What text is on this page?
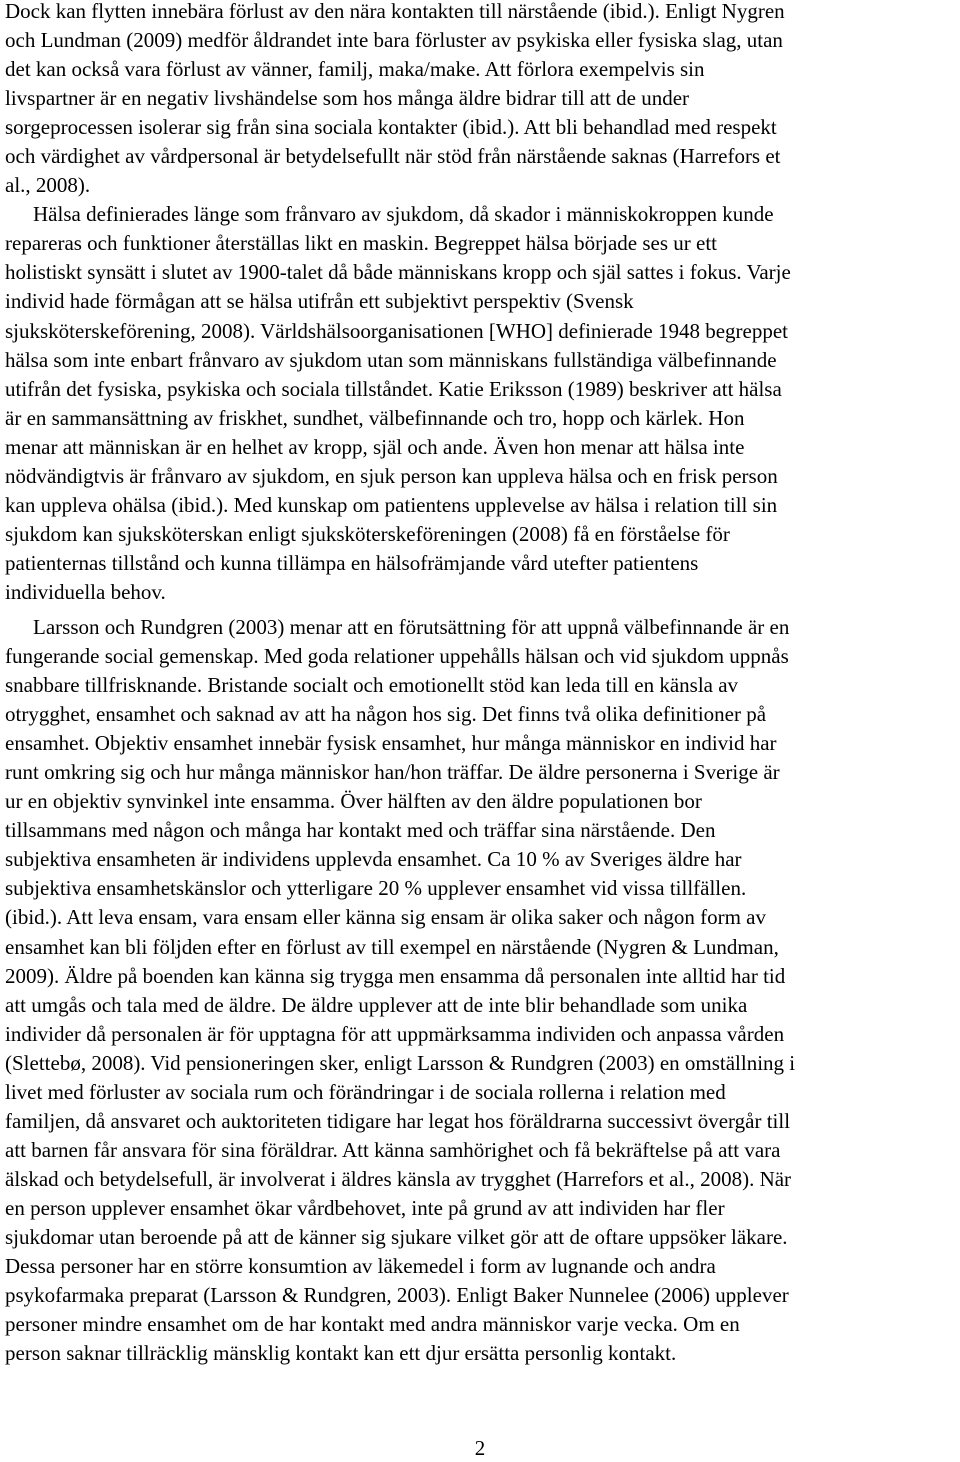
Dock kan flytten innebära förlust av den nära kontakten till närstående (ibid.). Enligt Nygren
och Lundman (2009) medför åldrandet inte bara förluster av psykiska eller fysiska slag, utan
det kan också vara förlust av vänner, familj, maka/make. Att förlora exempelvis sin
livspartner är en negativ livshändelse som hos många äldre bidrar till att de under
sorgeprocessen isolerar sig från sina sociala kontakter (ibid.). Att bli behandlad med respekt
och värdighet av vårdpersonal är betydelsefullt när stöd från närstående saknas (Harrefors et
al., 2008).
Hälsa definierades länge som frånvaro av sjukdom, då skador i människokroppen kunde
repareras och funktioner återställas likt en maskin. Begreppet hälsa började ses ur ett
holistiskt synsätt i slutet av 1900-talet då både människans kropp och själ sattes i fokus. Varje
individ hade förmågan att se hälsa utifrån ett subjektivt perspektiv (Svensk
sjuksköterskeförening, 2008). Världshälsoorganisationen [WHO] definierade 1948 begreppet
hälsa som inte enbart frånvaro av sjukdom utan som människans fullständiga välbefinnande
utifrån det fysiska, psykiska och sociala tillståndet. Katie Eriksson (1989) beskriver att hälsa
är en sammansättning av friskhet, sundhet, välbefinnande och tro, hopp och kärlek. Hon
menar att människan är en helhet av kropp, själ och ande. Även hon menar att hälsa inte
nödvändigtvis är frånvaro av sjukdom, en sjuk person kan uppleva hälsa och en frisk person
kan uppleva ohälsa (ibid.). Med kunskap om patientens upplevelse av hälsa i relation till sin
sjukdom kan sjuksköterskan enligt sjuksköterskeföreningen (2008) få en förståelse för
patienternas tillstånd och kunna tillämpa en hälsofrämjande vård utefter patientens
individuella behov.
Larsson och Rundgren (2003) menar att en förutsättning för att uppnå välbefinnande är en
fungerande social gemenskap. Med goda relationer uppehålls hälsan och vid sjukdom uppnås
snabbare tillfrisknande. Bristande socialt och emotionellt stöd kan leda till en känsla av
otrygghet, ensamhet och saknad av att ha någon hos sig. Det finns två olika definitioner på
ensamhet. Objektiv ensamhet innebär fysisk ensamhet, hur många människor en individ har
runt omkring sig och hur många människor han/hon träffar. De äldre personerna i Sverige är
ur en objektiv synvinkel inte ensamma. Över hälften av den äldre populationen bor
tillsammans med någon och många har kontakt med och träffar sina närstående. Den
subjektiva ensamheten är individens upplevda ensamhet. Ca 10 % av Sveriges äldre har
subjektiva ensamhetskänslor och ytterligare 20 % upplever ensamhet vid vissa tillfällen.
(ibid.). Att leva ensam, vara ensam eller känna sig ensam är olika saker och någon form av
ensamhet kan bli följden efter en förlust av till exempel en närstående (Nygren & Lundman,
2009). Äldre på boenden kan känna sig trygga men ensamma då personalen inte alltid har tid
att umgås och tala med de äldre. De äldre upplever att de inte blir behandlade som unika
individer då personalen är för upptagna för att uppmärksamma individen och anpassa vården
(Slettebø, 2008). Vid pensioneringen sker, enligt Larsson & Rundgren (2003) en omställning i
livet med förluster av sociala rum och förändringar i de sociala rollerna i relation med
familjen, då ansvaret och auktoriteten tidigare har legat hos föräldrarna successivt övergår till
att barnen får ansvara för sina föräldrar. Att känna samhörighet och få bekräftelse på att vara
älskad och betydelsefull, är involverat i äldres känsla av trygghet (Harrefors et al., 2008). När
en person upplever ensamhet ökar vårdbehovet, inte på grund av att individen har fler
sjukdomar utan beroende på att de känner sig sjukare vilket gör att de oftare uppsöker läkare.
Dessa personer har en större konsumtion av läkemedel i form av lugnande och andra
psykofarmaka preparat (Larsson & Rundgren, 2003). Enligt Baker Nunnelee (2006) upplever
personer mindre ensamhet om de har kontakt med andra människor varje vecka. Om en
person saknar tillräcklig mänsklig kontakt kan ett djur ersätta personlig kontakt.
2
